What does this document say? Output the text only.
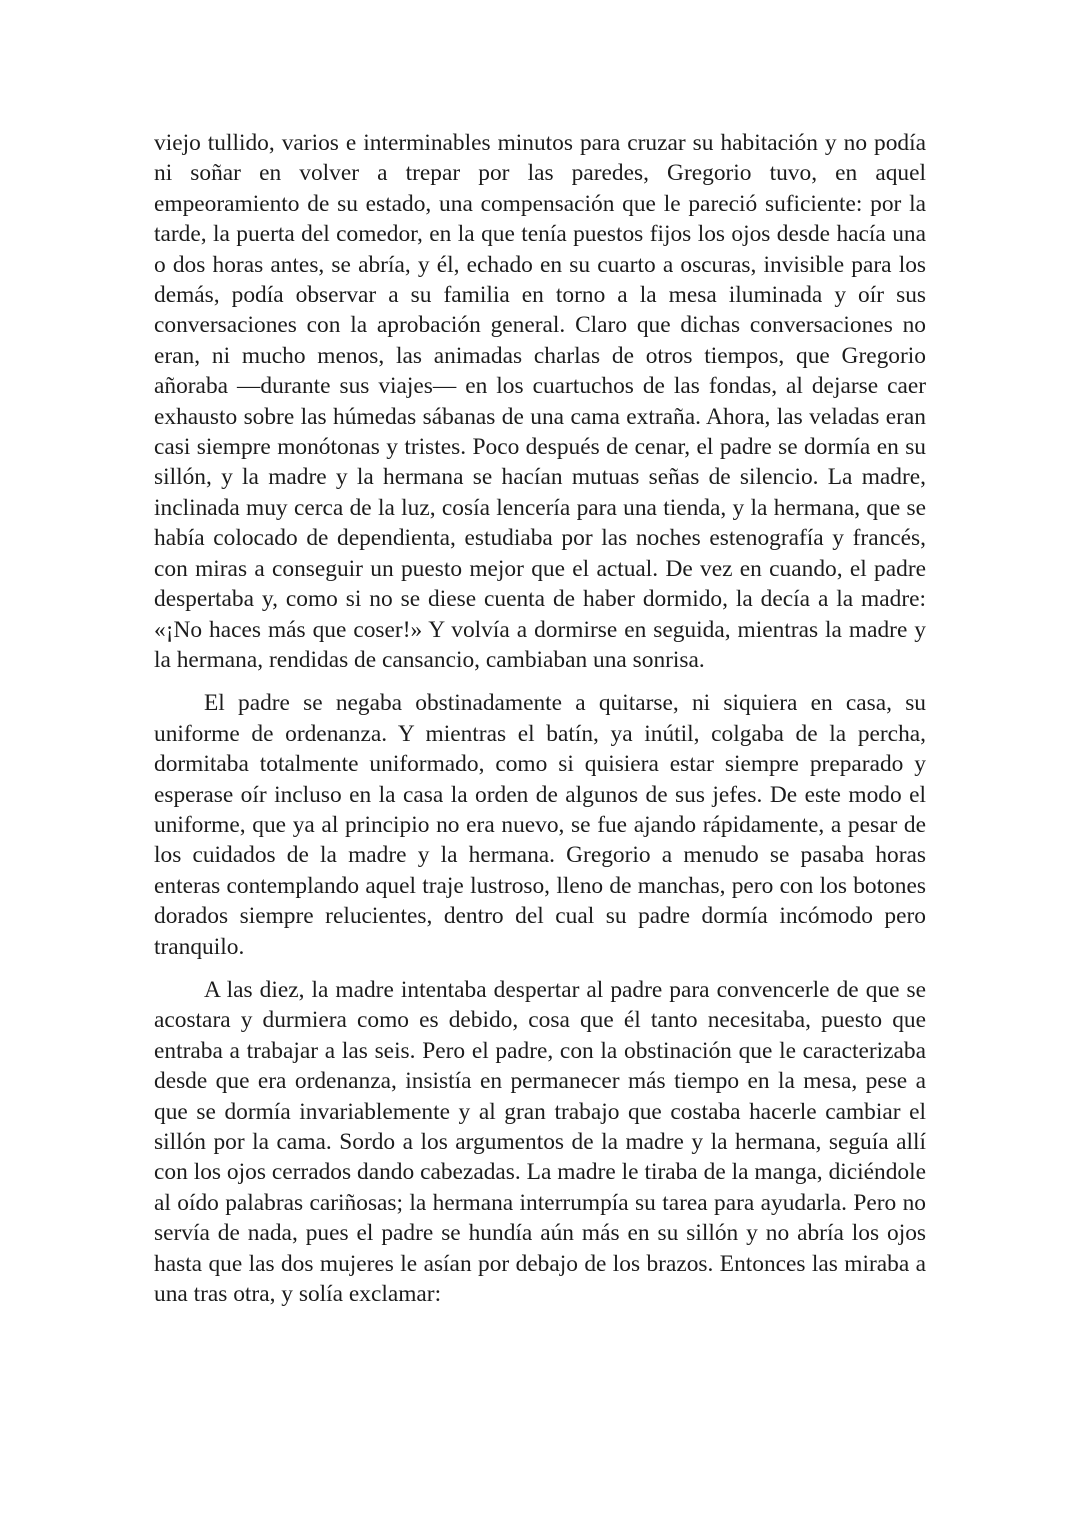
viejo tullido, varios e interminables minutos para cruzar su habitación y no podía ni soñar en volver a trepar por las paredes, Gregorio tuvo, en aquel empeoramiento de su estado, una compensación que le pareció suficiente: por la tarde, la puerta del comedor, en la que tenía puestos fijos los ojos desde hacía una o dos horas antes, se abría, y él, echado en su cuarto a oscuras, invisible para los demás, podía observar a su familia en torno a la mesa iluminada y oír sus conversaciones con la aprobación general. Claro que dichas conversaciones no eran, ni mucho menos, las animadas charlas de otros tiempos, que Gregorio añoraba —durante sus viajes— en los cuartuchos de las fondas, al dejarse caer exhausto sobre las húmedas sábanas de una cama extraña. Ahora, las veladas eran casi siempre monótonas y tristes. Poco después de cenar, el padre se dormía en su sillón, y la madre y la hermana se hacían mutuas señas de silencio. La madre, inclinada muy cerca de la luz, cosía lencería para una tienda, y la hermana, que se había colocado de dependienta, estudiaba por las noches estenografía y francés, con miras a conseguir un puesto mejor que el actual. De vez en cuando, el padre despertaba y, como si no se diese cuenta de haber dormido, la decía a la madre: «¡No haces más que coser!» Y volvía a dormirse en seguida, mientras la madre y la hermana, rendidas de cansancio, cambiaban una sonrisa.

El padre se negaba obstinadamente a quitarse, ni siquiera en casa, su uniforme de ordenanza. Y mientras el batín, ya inútil, colgaba de la percha, dormitaba totalmente uniformado, como si quisiera estar siempre preparado y esperase oír incluso en la casa la orden de algunos de sus jefes. De este modo el uniforme, que ya al principio no era nuevo, se fue ajando rápidamente, a pesar de los cuidados de la madre y la hermana. Gregorio a menudo se pasaba horas enteras contemplando aquel traje lustroso, lleno de manchas, pero con los botones dorados siempre relucientes, dentro del cual su padre dormía incómodo pero tranquilo.

A las diez, la madre intentaba despertar al padre para convencerle de que se acostara y durmiera como es debido, cosa que él tanto necesitaba, puesto que entraba a trabajar a las seis. Pero el padre, con la obstinación que le caracterizaba desde que era ordenanza, insistía en permanecer más tiempo en la mesa, pese a que se dormía invariablemente y al gran trabajo que costaba hacerle cambiar el sillón por la cama. Sordo a los argumentos de la madre y la hermana, seguía allí con los ojos cerrados dando cabezadas. La madre le tiraba de la manga, diciéndole al oído palabras cariñosas; la hermana interrumpía su tarea para ayudarla. Pero no servía de nada, pues el padre se hundía aún más en su sillón y no abría los ojos hasta que las dos mujeres le asían por debajo de los brazos. Entonces las miraba a una tras otra, y solía exclamar:
